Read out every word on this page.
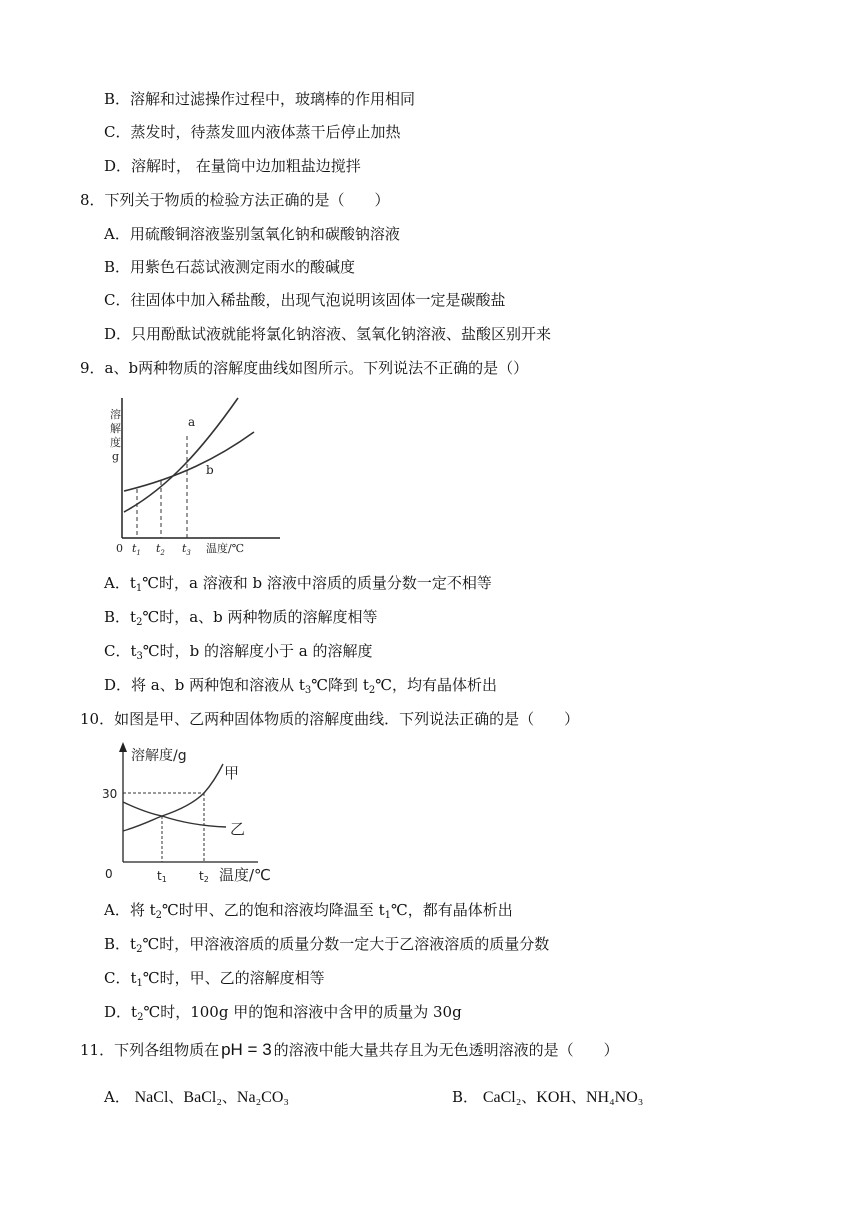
B．溶解和过滤操作过程中，玻璃棒的作用相同
C．蒸发时，待蒸发皿内液体蒸干后停止加热
D．溶解时， 在量筒中边加粗盐边搅拌
8．下列关于物质的检验方法正确的是（　　）
A．用硫酸铜溶液鉴别氢氧化钠和碳酸钠溶液
B．用紫色石蕊试液测定雨水的酸碱度
C．往固体中加入稀盐酸，出现气泡说明该固体一定是碳酸盐
D．只用酚酞试液就能将氯化钠溶液、氢氧化钠溶液、盐酸区别开来
9．a、b两种物质的溶解度曲线如图所示。下列说法不正确的是（）
溶
解
度
g
a
b
0 $t_1$ $t_2$ $t_3$ 温度/℃
A．$t_1℃$时，a 溶液和 b 溶液中溶质的质量分数一定不相等
B．$t_2℃$时，a、b 两种物质的溶解度相等
C．$t_3℃$时，b 的溶解度小于 a 的溶解度
D．将 a、b 两种饱和溶液从 $t_3℃$降到 $t_2℃$，均有晶体析出
10．如图是甲、乙两种固体物质的溶解度曲线．下列说法正确的是（　　）
溶解度/g
30
甲
乙
0	t1	t2 温度/℃
A．将 $t_2℃$时甲、乙的饱和溶液均降温至 $t_1℃$，都有晶体析出
B．$t_2℃$时，甲溶液溶质的质量分数一定大于乙溶液溶质的质量分数
C．$t_1℃$时，甲、乙的溶解度相等
D．$t_2℃$时，100g 甲的饱和溶液中含甲的质量为 30g
11．下列各组物质在 pH = 3 的溶液中能大量共存且为无色透明溶液的是（　　）
A． NaCl、BaCl₂、Na₂CO₃	B． CaCl₂、KOH、NH₄NO₃
